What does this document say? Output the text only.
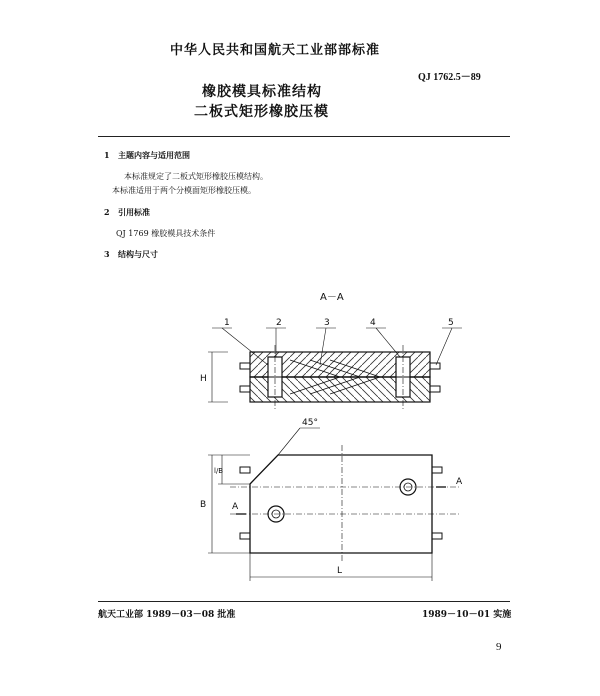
中华人民共和国航天工业部部标准
QJ 1762.5－89
橡胶模具标准结构
二板式矩形橡胶压模
1 主题内容与适用范围
本标准规定了二板式矩形橡胶压模结构。
本标准适用于两个分模面矩形橡胶压模。
2 引用标准
QJ 1769 橡胶模具技术条件
3 结构与尺寸
A－A
H
1	2	3	4	5
45°
A
A
B
l/B
L
航天工业部 1989－03－08 批准	1989－10－01 实施
9
